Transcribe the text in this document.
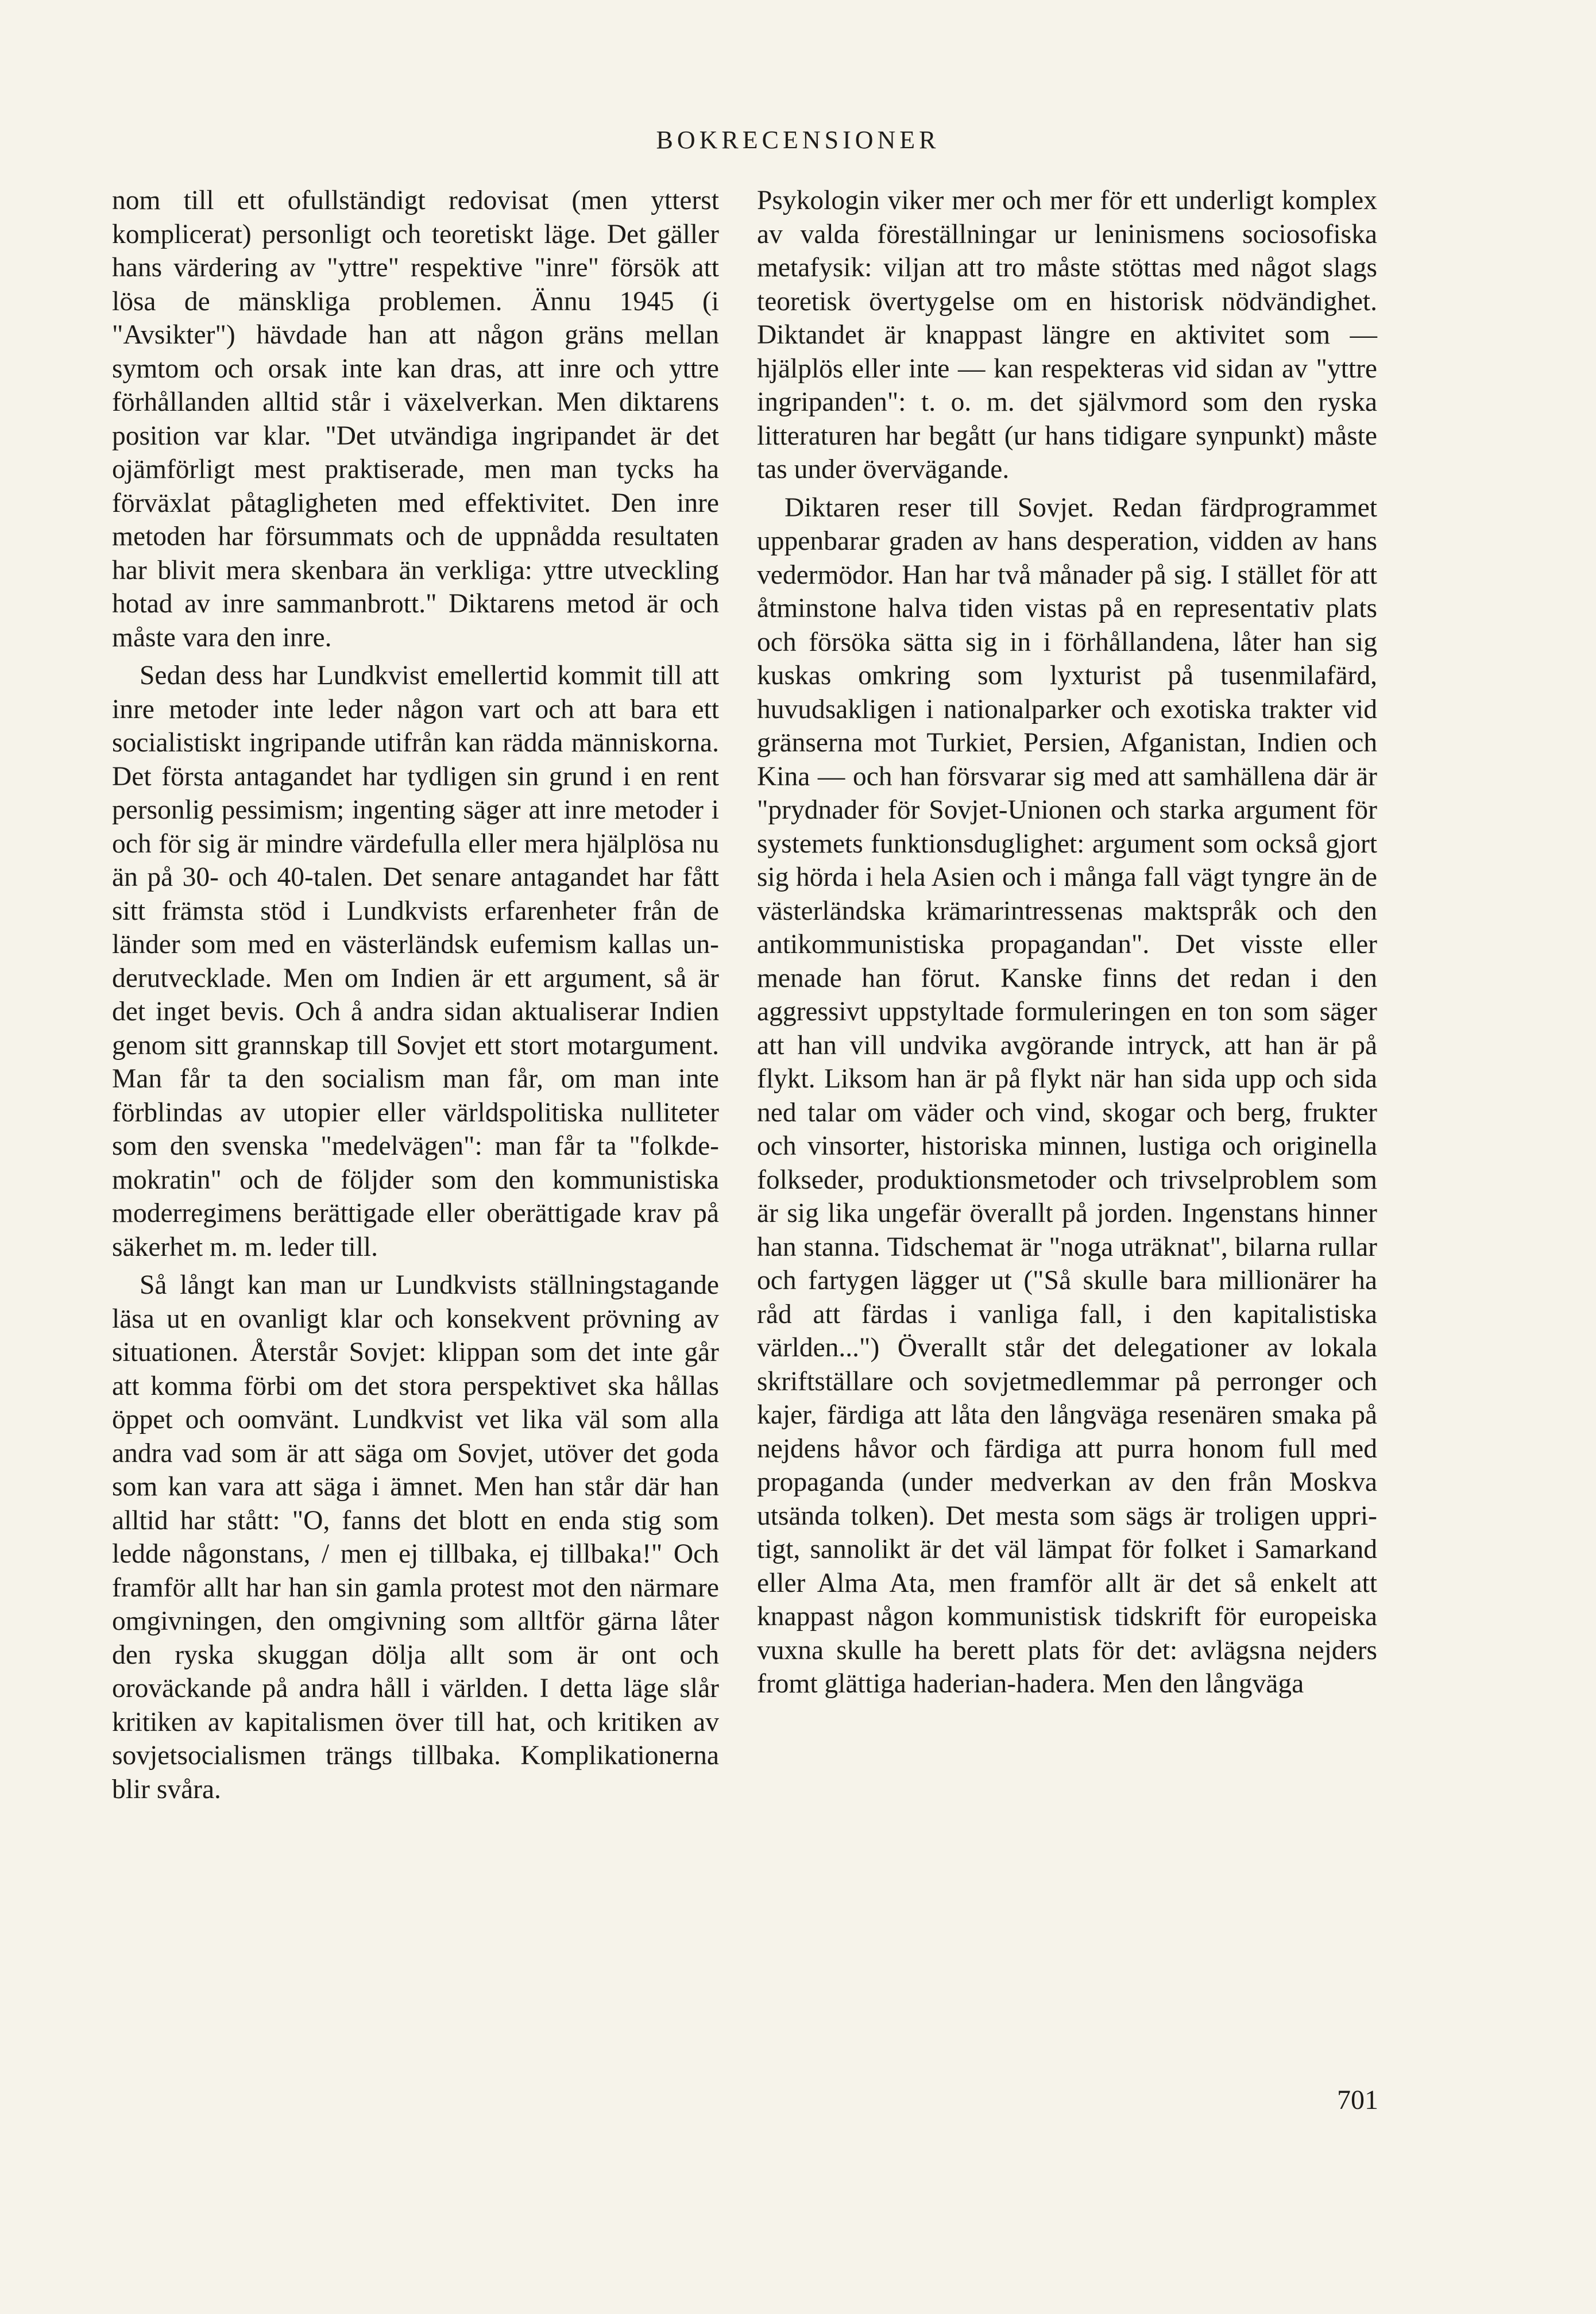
BOKRECENSIONER

nom till ett ofullständigt redovisat (men ytterst komplicerat) personligt och teoretiskt läge. Det gäller hans värdering av "yttre" respektive "inre" försök att lösa de mänskliga problemen. Ännu 1945 (i "Avsikter") hävdade han att någon gräns mellan symtom och orsak inte kan dras, att inre och yttre förhållanden alltid står i växelverkan. Men diktarens position var klar. "Det utvändiga ingripandet är det ojämförligt mest praktiserade, men man tycks ha förväxlat påtagligheten med effektivitet. Den inre metoden har försummats och de uppnådda resultaten har blivit mera skenbara än verkliga: yttre utveckling hotad av inre sammanbrott." Diktarens metod är och måste vara den inre.

Sedan dess har Lundkvist emellertid kommit till att inre metoder inte leder någon vart och att bara ett socialistiskt ingripande utifrån kan rädda människorna. Det första antagandet har tydligen sin grund i en rent personlig pessimism; ingenting säger att inre metoder i och för sig är mindre värdefulla eller mera hjälplösa nu än på 30- och 40-talen. Det senare antagandet har fått sitt främsta stöd i Lundkvists erfarenheter från de länder som med en västerländsk eufemism kallas underutvecklade. Men om Indien är ett argument, så är det inget bevis. Och å andra sidan aktualiserar Indien genom sitt grannskap till Sovjet ett stort motargument. Man får ta den socialism man får, om man inte förblindas av utopier eller världspolitiska nulliteter som den svenska "medelvägen": man får ta "folkdemokratin" och de följder som den kommunistiska moderregimens berättigade eller oberättigade krav på säkerhet m. m. leder till.

Så långt kan man ur Lundkvists ställningstagande läsa ut en ovanligt klar och konsekvent prövning av situationen. Återstår Sovjet: klippan som det inte går att komma förbi om det stora perspektivet ska hållas öppet och oomvänt. Lundkvist vet lika väl som alla andra vad som är att säga om Sovjet, utöver det goda som kan vara att säga i ämnet. Men han står där han alltid har stått: "O, fanns det blott en enda stig som ledde någonstans, / men ej tillbaka, ej tillbaka!" Och framför allt har han sin gamla protest mot den närmare omgivningen, den omgivning som alltför gärna låter den ryska skuggan dölja allt som är ont och oroväckande på andra håll i världen. I detta läge slår kritiken av kapitalismen över till hat, och kritiken av sovjetsocialismen trängs tillbaka. Komplikationerna blir svåra.

Psykologin viker mer och mer för ett underligt komplex av valda föreställningar ur leninismens sociosofiska metafysik: viljan att tro måste stöttas med något slags teoretisk övertygelse om en historisk nödvändighet. Diktandet är knappast längre en aktivitet som — hjälplös eller inte — kan respekteras vid sidan av "yttre ingripanden": t. o. m. det självmord som den ryska litteraturen har begått (ur hans tidigare synpunkt) måste tas under övervägande.

Diktaren reser till Sovjet. Redan färdprogrammet uppenbarar graden av hans desperation, vidden av hans vedermödor. Han har två månader på sig. I stället för att åtminstone halva tiden vistas på en representativ plats och försöka sätta sig in i förhållandena, låter han sig kuskas omkring som lyxturist på tusenmilafärd, huvudsakligen i nationalparker och exotiska trakter vid gränserna mot Turkiet, Persien, Afganistan, Indien och Kina — och han försvarar sig med att samhällena där är "prydnader för Sovjet-Unionen och starka argument för systemets funktionsduglighet: argument som också gjort sig hörda i hela Asien och i många fall vägt tyngre än de västerländska krämarintressenas maktspråk och den antikommunistiska propagandan". Det visste eller menade han förut. Kanske finns det redan i den aggressivt uppstyltade formuleringen en ton som säger att han vill undvika avgörande intryck, att han är på flykt. Liksom han är på flykt när han sida upp och sida ned talar om väder och vind, skogar och berg, frukter och vinsorter, historiska minnen, lustiga och originella folkseder, produktionsmetoder och trivselproblem som är sig lika ungefär överallt på jorden. Ingenstans hinner han stanna. Tidschemat är "noga uträknat", bilarna rullar och fartygen lägger ut ("Så skulle bara millionärer ha råd att färdas i vanliga fall, i den kapitalistiska världen...") Överallt står det delegationer av lokala skriftställare och sovjetmedlemmar på perronger och kajer, färdiga att låta den långväga resenären smaka på nejdens håvor och färdiga att purra honom full med propaganda (under medverkan av den från Moskva utsända tolken). Det mesta som sägs är troligen uppritigt, sannolikt är det väl lämpat för folket i Samarkand eller Alma Ata, men framför allt är det så enkelt att knappast någon kommunistisk tidskrift för europeiska vuxna skulle ha berett plats för det: avlägsna nejders fromt glättiga haderian-hadera. Men den långväga

701
